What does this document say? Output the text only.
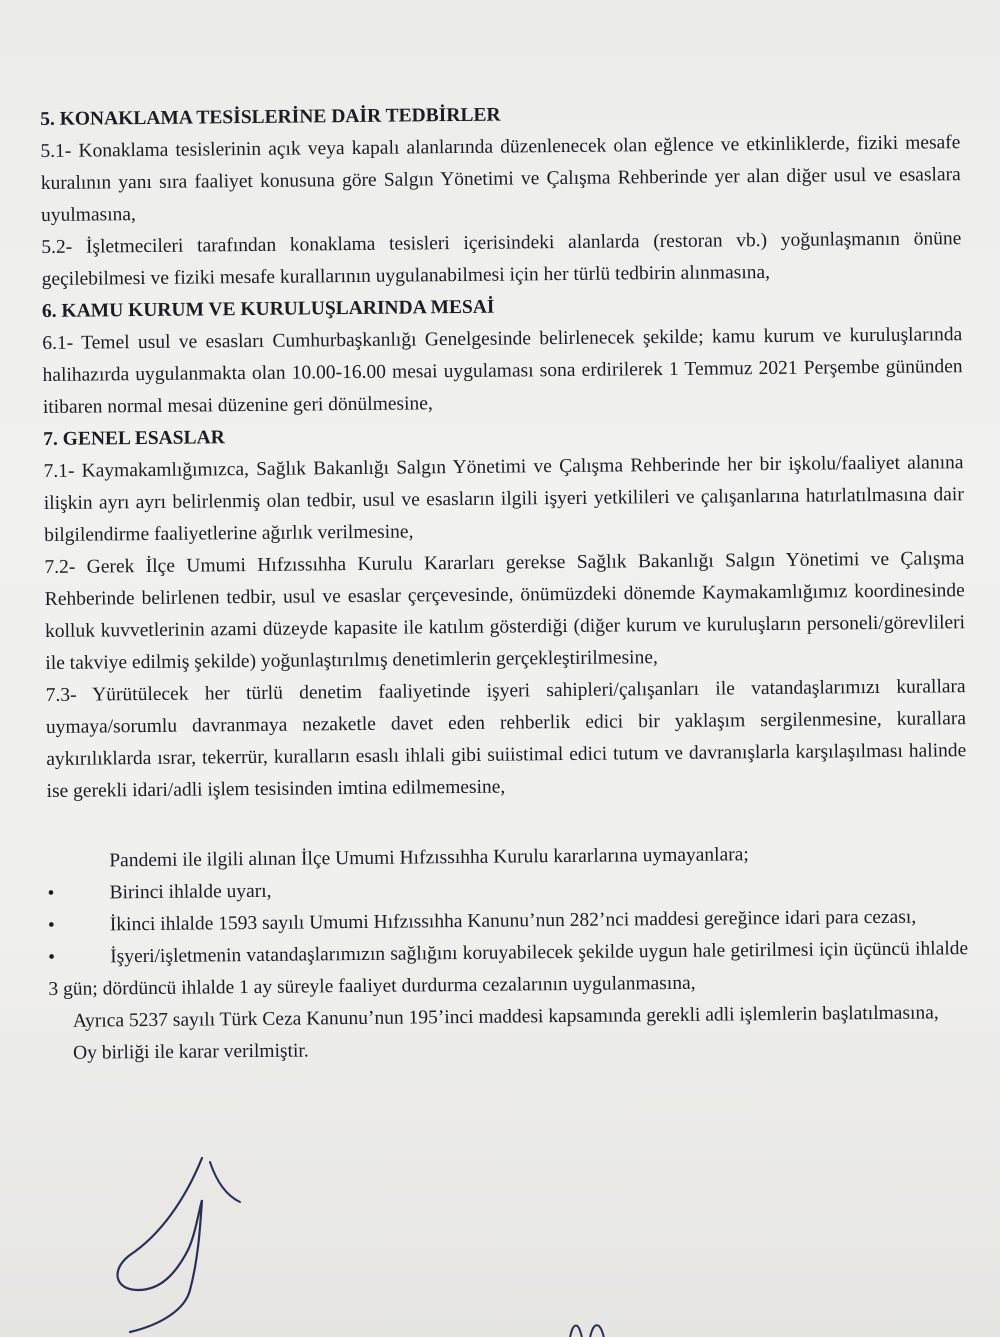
5. KONAKLAMA TESİSLERİNE DAİR TEDBİRLER

5.1- Konaklama tesislerinin açık veya kapalı alanlarında düzenlenecek olan eğlence ve etkinliklerde, fiziki mesafe kuralının yanı sıra faaliyet konusuna göre Salgın Yönetimi ve Çalışma Rehberinde yer alan diğer usul ve esaslara uyulmasına,

5.2- İşletmecileri tarafından konaklama tesisleri içerisindeki alanlarda (restoran vb.) yoğunlaşmanın önüne geçilebilmesi ve fiziki mesafe kurallarının uygulanabilmesi için her türlü tedbirin alınmasına,

6. KAMU KURUM VE KURULUŞLARINDA MESAİ

6.1- Temel usul ve esasları Cumhurbaşkanlığı Genelgesinde belirlenecek şekilde; kamu kurum ve kuruluşlarında halihazırda uygulanmakta olan 10.00-16.00 mesai uygulaması sona erdirilerek 1 Temmuz 2021 Perşembe gününden itibaren normal mesai düzenine geri dönülmesine,

7. GENEL ESASLAR

7.1- Kaymakamlığımızca, Sağlık Bakanlığı Salgın Yönetimi ve Çalışma Rehberinde her bir işkolu/faaliyet alanına ilişkin ayrı ayrı belirlenmiş olan tedbir, usul ve esasların ilgili işyeri yetkilileri ve çalışanlarına hatırlatılmasına dair bilgilendirme faaliyetlerine ağırlık verilmesine,

7.2- Gerek İlçe Umumi Hıfzıssıhha Kurulu Kararları gerekse Sağlık Bakanlığı Salgın Yönetimi ve Çalışma Rehberinde belirlenen tedbir, usul ve esaslar çerçevesinde, önümüzdeki dönemde Kaymakamlığımız koordinesinde kolluk kuvvetlerinin azami düzeyde kapasite ile katılım gösterdiği (diğer kurum ve kuruluşların personeli/görevlileri ile takviye edilmiş şekilde) yoğunlaştırılmış denetimlerin gerçekleştirilmesine,

7.3- Yürütülecek her türlü denetim faaliyetinde işyeri sahipleri/çalışanları ile vatandaşlarımızı kurallara uymaya/sorumlu davranmaya nezaketle davet eden rehberlik edici bir yaklaşım sergilenmesine, kurallara aykırılıklarda ısrar, tekerrür, kuralların esaslı ihlali gibi suiistimal edici tutum ve davranışlarla karşılaşılması halinde ise gerekli idari/adli işlem tesisinden imtina edilmemesine,

Pandemi ile ilgili alınan İlçe Umumi Hıfzıssıhha Kurulu kararlarına uymayanlara;

•	Birinci ihlalde uyarı,

•	İkinci ihlalde 1593 sayılı Umumi Hıfzıssıhha Kanunu’nun 282’nci maddesi gereğince idari para cezası,

•	İşyeri/işletmenin vatandaşlarımızın sağlığını koruyabilecek şekilde uygun hale getirilmesi için üçüncü ihlalde 3 gün; dördüncü ihlalde 1 ay süreyle faaliyet durdurma cezalarının uygulanmasına,

Ayrıca 5237 sayılı Türk Ceza Kanunu’nun 195’inci maddesi kapsamında gerekli adli işlemlerin başlatılmasına,

Oy birliği ile karar verilmiştir.
